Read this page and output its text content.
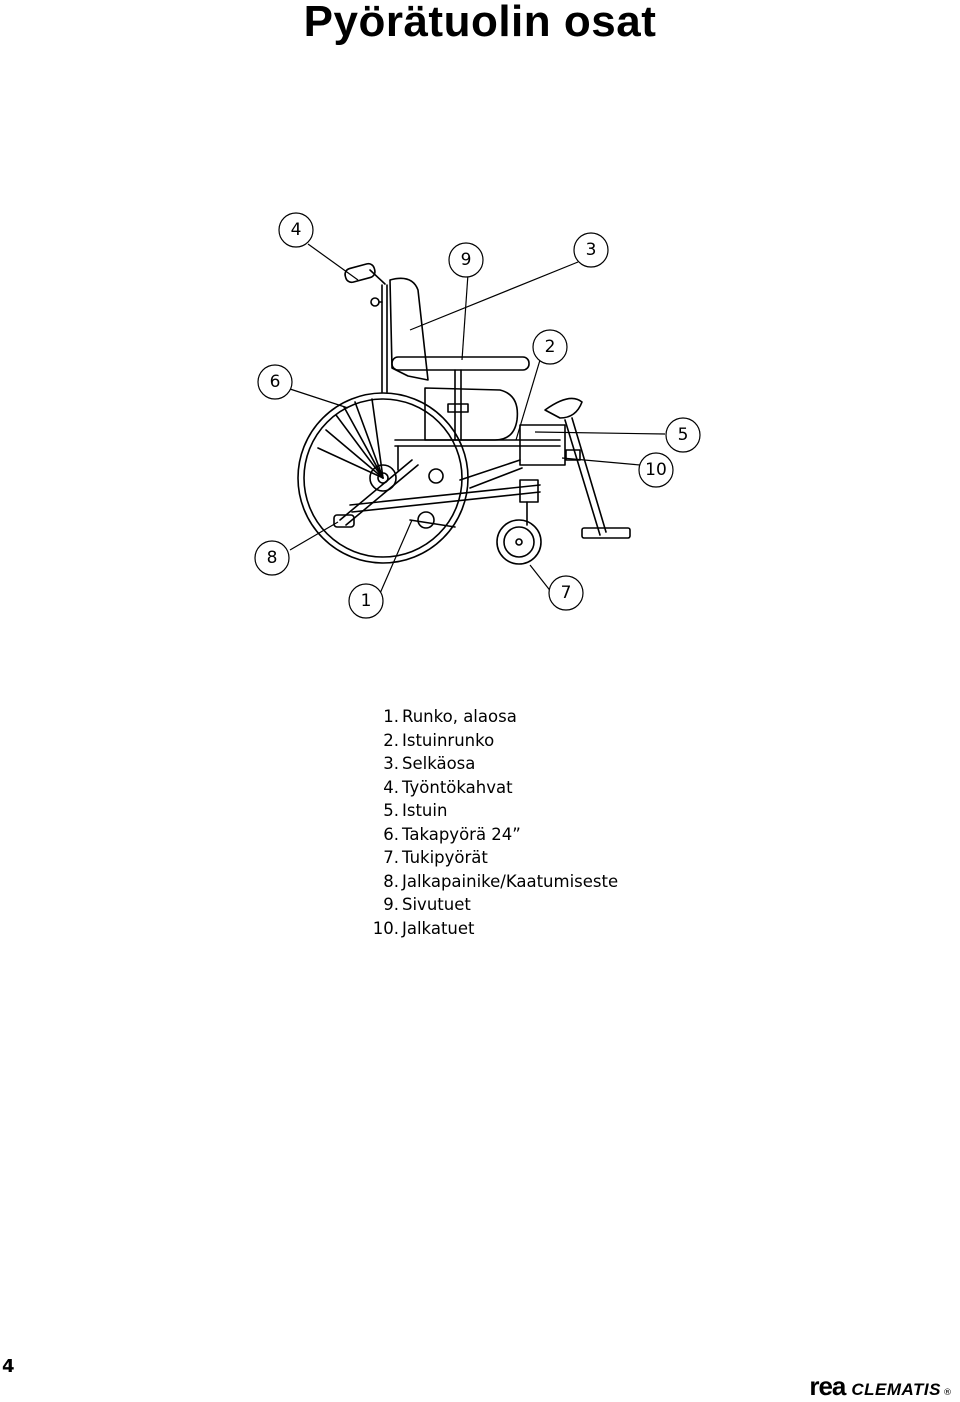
Pyörätuolin osat
4
9	3
2
6
5
10
8
1	7
1. Runko, alaosa
2. Istuinrunko
3. Selkäosa
4. Työntökahvat
5. Istuin
6. Takapyörä 24”
7. Tukipyörät
8. Jalkapainike/Kaatumiseste
9. Sivutuet
10. Jalkatuet
4
rea CLEMATIS ®
